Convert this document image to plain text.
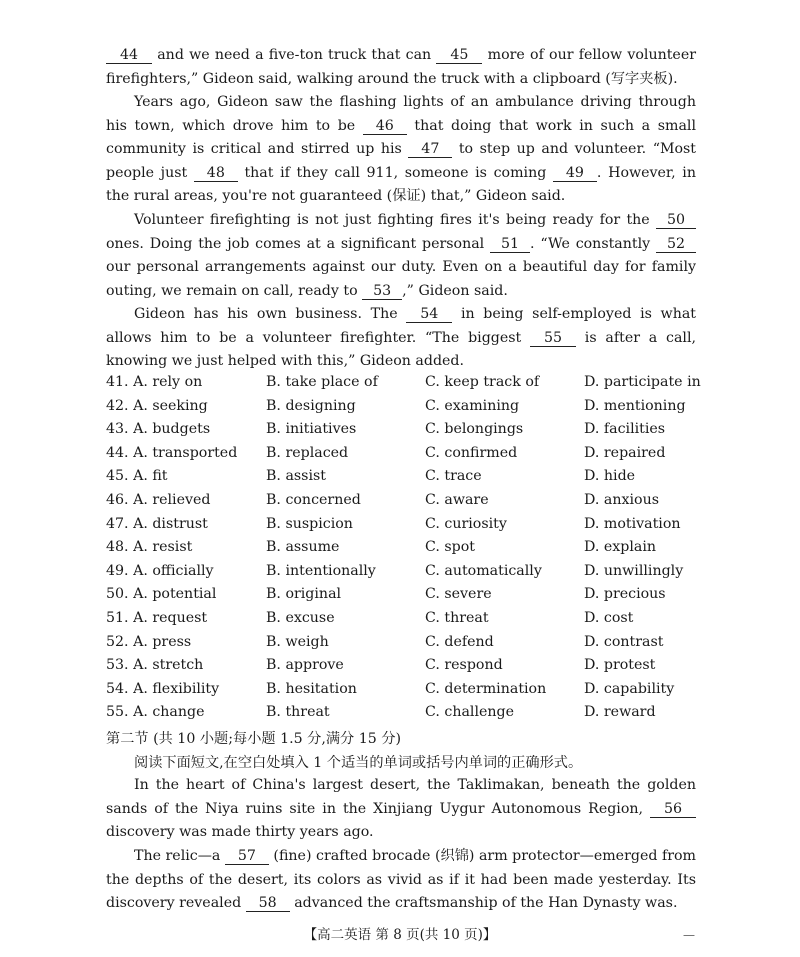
44 and we need a five-ton truck that can 45 more of our fellow volunteer firefighters,” Gideon said, walking around the truck with a clipboard (写字夹板).

Years ago, Gideon saw the flashing lights of an ambulance driving through his town, which drove him to be 46 that doing that work in such a small community is critical and stirred up his 47 to step up and volunteer. “Most people just 48 that if they call 911, someone is coming 49 . However, in the rural areas, you're not guaranteed (保证) that,” Gideon said.

Volunteer firefighting is not just fighting fires it's being ready for the 50 ones. Doing the job comes at a significant personal 51 . “We constantly 52 our personal arrangements against our duty. Even on a beautiful day for family outing, we remain on call, ready to 53 ,” Gideon said.

Gideon has his own business. The 54 in being self-employed is what allows him to be a volunteer firefighter. “The biggest 55 is after a call, knowing we just helped with this,” Gideon added.

41. A. rely on	B. take place of	C. keep track of	D. participate in
42. A. seeking	B. designing	C. examining	D. mentioning
43. A. budgets	B. initiatives	C. belongings	D. facilities
44. A. transported B. replaced	C. confirmed	D. repaired
45. A. fit	B. assist	C. trace	D. hide
46. A. relieved	B. concerned	C. aware	D. anxious
47. A. distrust	B. suspicion	C. curiosity	D. motivation
48. A. resist	B. assume	C. spot	D. explain
49. A. officially	B. intentionally	C. automatically	D. unwillingly
50. A. potential	B. original	C. severe	D. precious
51. A. request	B. excuse	C. threat	D. cost
52. A. press	B. weigh	C. defend	D. contrast
53. A. stretch	B. approve	C. respond	D. protest
54. A. flexibility	B. hesitation	C. determination	D. capability
55. A. change	B. threat	C. challenge	D. reward
第二节 (共 10 小题;每小题 1.5 分,满分 15 分)
阅读下面短文,在空白处填入 1 个适当的单词或括号内单词的正确形式。

In the heart of China's largest desert, the Taklimakan, beneath the golden sands of the Niya ruins site in the Xinjiang Uygur Autonomous Region, 56 discovery was made thirty years ago.

The relic—a 57 (fine) crafted brocade (织锦) arm protector—emerged from the depths of the desert, its colors as vivid as if it had been made yesterday. Its discovery revealed 58 advanced the craftsmanship of the Han Dynasty was.

【高二英语 第 8 页(共 10 页)】	—
